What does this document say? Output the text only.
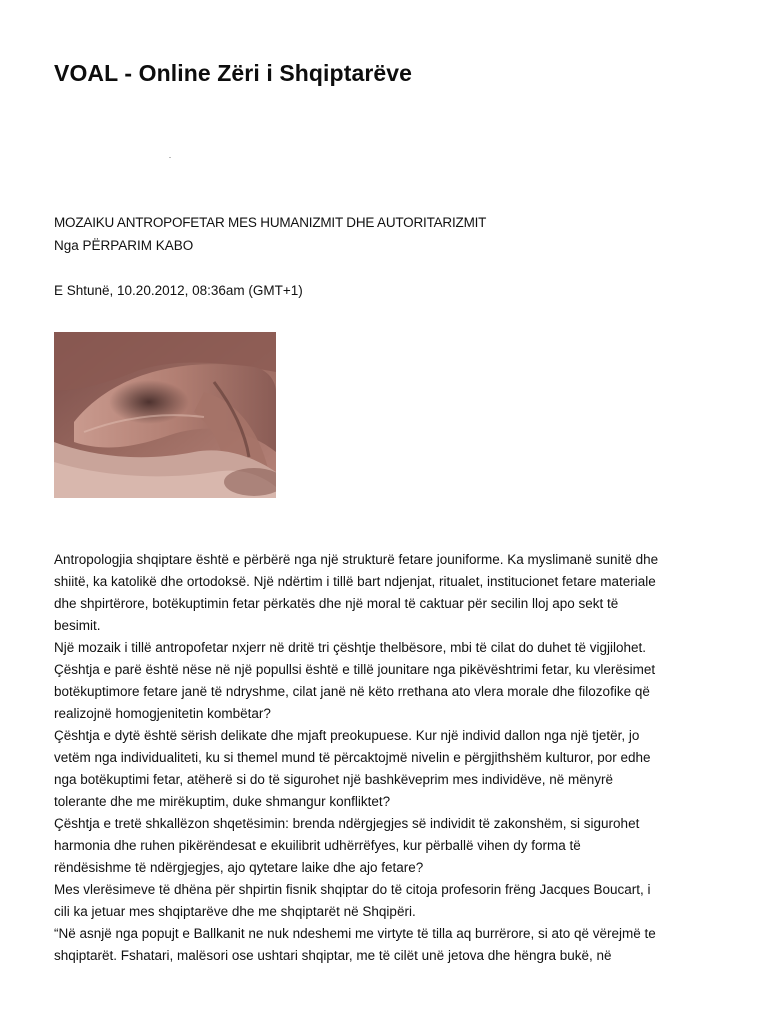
VOAL - Online Zëri i Shqiptarëve

MOZAIKU ANTROPOFETAR MES HUMANIZMIT DHE AUTORITARIZMIT

Nga PËRPARIM KABO

E Shtunë, 10.20.2012, 08:36am (GMT+1)

Antropologjia shqiptare është e përbërë nga një strukturë fetare jouniforme. Ka myslimanë sunitë dhe

shiitë, ka katolikë dhe ortodoksë. Një ndërtim i tillë bart ndjenjat, ritualet, institucionet fetare materiale

dhe shpirtërore, botëkuptimin fetar përkatës dhe një moral të caktuar për secilin lloj apo sekt të

besimit.

Një mozaik i tillë antropofetar nxjerr në dritë tri çështje thelbësore, mbi të cilat do duhet të vigjilohet.

Çështja e parë është nëse në një popullsi është e tillë jounitare nga pikëvështrimi fetar, ku vlerësimet

botëkuptimore fetare janë të ndryshme, cilat janë në këto rrethana ato vlera morale dhe filozofike që

realizojnë homogjenitetin kombëtar?

Çështja e dytë është sërish delikate dhe mjaft preokupuese. Kur një individ dallon nga një tjetër, jo

vetëm nga individualiteti, ku si themel mund të përcaktojmë nivelin e përgjithshëm kulturor, por edhe

nga botëkuptimi fetar, atëherë si do të sigurohet një bashkëveprim mes individëve, në mënyrë

tolerante dhe me mirëkuptim, duke shmangur konfliktet?

Çështja e tretë shkallëzon shqetësimin: brenda ndërgjegjes së individit të zakonshëm, si sigurohet

harmonia dhe ruhen pikërëndesat e ekuilibrit udhërrëfyes, kur përballë vihen dy forma të

rëndësishme të ndërgjegjes, ajo qytetare laike dhe ajo fetare?

Mes vlerësimeve të dhëna për shpirtin fisnik shqiptar do të citoja profesorin frëng Jacques Boucart, i

cili ka jetuar mes shqiptarëve dhe me shqiptarët në Shqipëri.

“Në asnjë nga popujt e Ballkanit ne nuk ndeshemi me virtyte të tilla aq burrërore, si ato që vërejmë te

shqiptarët. Fshatari, malësori ose ushtari shqiptar, me të cilët unë jetova dhe hëngra bukë, në
